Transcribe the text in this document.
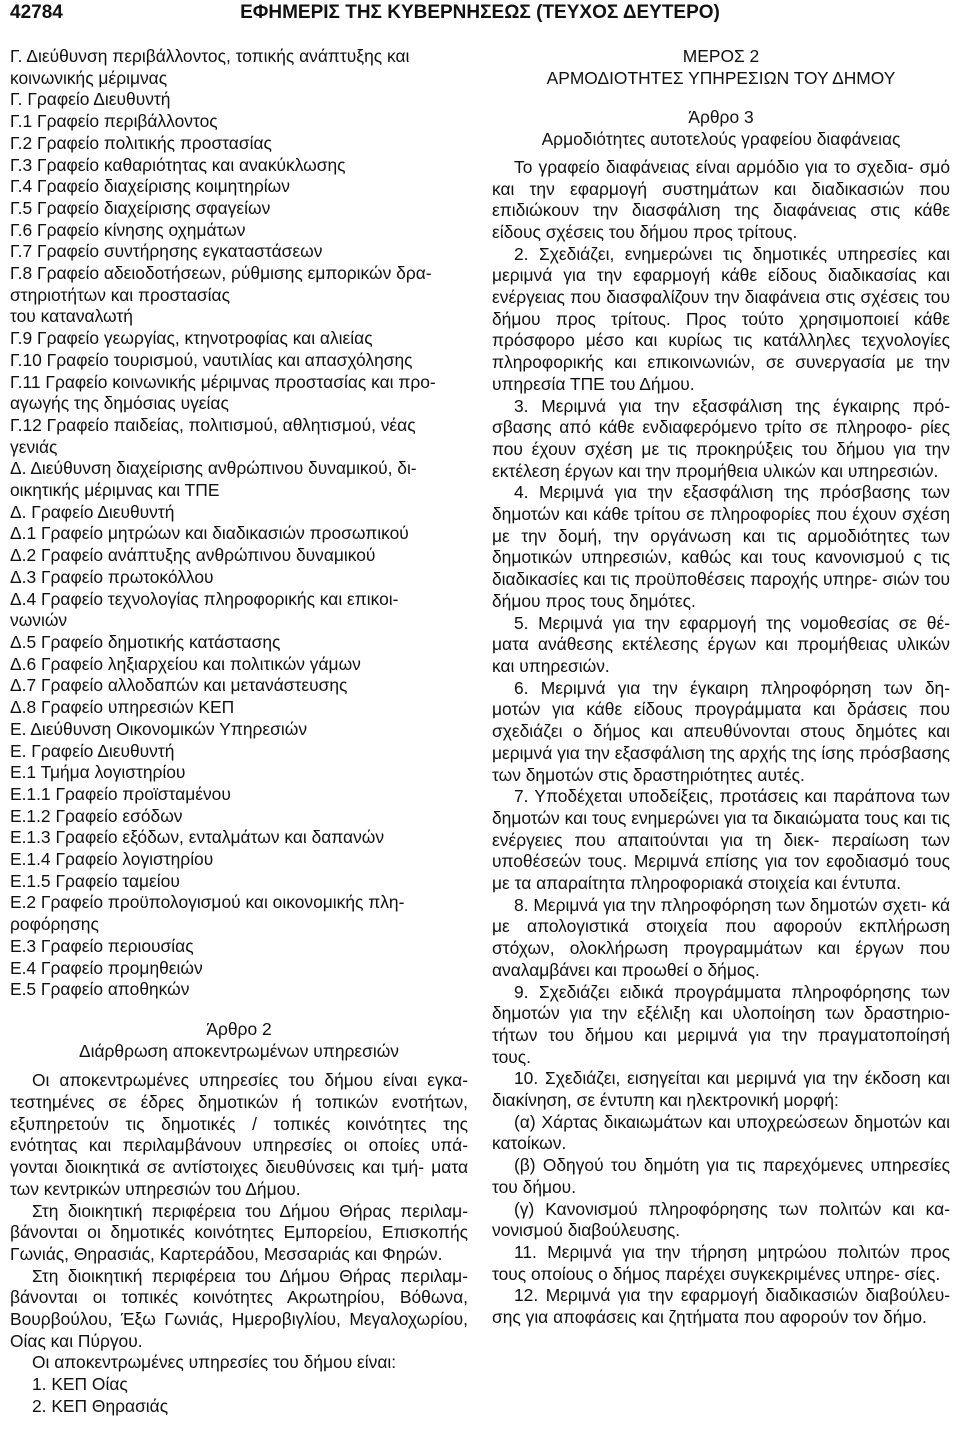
42784	ΕΦΗΜΕΡΙΣ ΤΗΣ ΚΥΒΕΡΝΗΣΕΩΣ (ΤΕΥΧΟΣ ΔΕΥΤΕΡΟ)

Γ. Διεύθυνση περιβάλλοντος, τοπικής ανάπτυξης και

κοινωνικής μέριμνας

Γ. Γραφείο Διευθυντή

Γ.1 Γραφείο περιβάλλοντος

Γ.2 Γραφείο πολιτικής προστασίας

Γ.3 Γραφείο καθαριότητας και ανακύκλωσης

Γ.4 Γραφείο διαχείρισης κοιμητηρίων

Γ.5 Γραφείο διαχείρισης σφαγείων

Γ.6 Γραφείο κίνησης οχημάτων

Γ.7 Γραφείο συντήρησης εγκαταστάσεων

Γ.8 Γραφείο αδειοδοτήσεων, ρύθμισης εμπορικών δρα-

στηριοτήτων και προστασίας

του καταναλωτή

Γ.9 Γραφείο γεωργίας, κτηνοτροφίας και αλιείας

Γ.10 Γραφείο τουρισμού, ναυτιλίας και απασχόλησης

Γ.11 Γραφείο κοινωνικής μέριμνας προστασίας και προ-

αγωγής της δημόσιας υγείας

Γ.12 Γραφείο παιδείας, πολιτισμού, αθλητισμού, νέας

γενιάς

Δ. Διεύθυνση διαχείρισης ανθρώπινου δυναμικού, δι-

οικητικής μέριμνας και ΤΠΕ

Δ. Γραφείο Διευθυντή

Δ.1 Γραφείο μητρώων και διαδικασιών προσωπικού

Δ.2 Γραφείο ανάπτυξης ανθρώπινου δυναμικού

Δ.3 Γραφείο πρωτοκόλλου

Δ.4 Γραφείο τεχνολογίας πληροφορικής και επικοι-

νωνιών

Δ.5 Γραφείο δημοτικής κατάστασης

Δ.6 Γραφείο ληξιαρχείου και πολιτικών γάμων

Δ.7 Γραφείο αλλοδαπών και μετανάστευσης

Δ.8 Γραφείο υπηρεσιών ΚΕΠ

Ε. Διεύθυνση Οικονομικών Υπηρεσιών

Ε. Γραφείο Διευθυντή

Ε.1 Τμήμα λογιστηρίου

Ε.1.1 Γραφείο προϊσταμένου

Ε.1.2 Γραφείο εσόδων

Ε.1.3 Γραφείο εξόδων, ενταλμάτων και δαπανών

Ε.1.4 Γραφείο λογιστηρίου

Ε.1.5 Γραφείο ταμείου

Ε.2 Γραφείο προϋπολογισμού και οικονομικής πλη-

ροφόρησης

Ε.3 Γραφείο περιουσίας

Ε.4 Γραφείο προμηθειών

Ε.5 Γραφείο αποθηκών

Άρθρο 2

Διάρθρωση αποκεντρωμένων υπηρεσιών

Οι αποκεντρωμένες υπηρεσίες του δήμου είναι εγκα- τεστημένες σε έδρες δημοτικών ή τοπικών ενοτήτων, εξυπηρετούν τις δημοτικές / τοπικές κοινότητες της ενότητας και περιλαμβάνουν υπηρεσίες οι οποίες υπά- γονται διοικητικά σε αντίστοιχες διευθύνσεις και τμή- ματα των κεντρικών υπηρεσιών του Δήμου.

Στη διοικητική περιφέρεια του Δήμου Θήρας περιλαμ- βάνονται οι δημοτικές κοινότητες Εμπορείου, Επισκοπής Γωνιάς, Θηρασιάς, Καρτεράδου, Μεσσαριάς και Φηρών.

Στη διοικητική περιφέρεια του Δήμου Θήρας περιλαμ- βάνονται οι τοπικές κοινότητες Ακρωτηρίου, Βόθωνα, Βουρβούλου, Έξω Γωνιάς, Ημεροβιγλίου, Μεγαλοχωρίου, Οίας και Πύργου.

Οι αποκεντρωμένες υπηρεσίες του δήμου είναι:

1. ΚΕΠ Οίας

2. ΚΕΠ Θηρασιάς

ΜΕΡΟΣ 2

ΑΡΜΟΔΙΟΤΗΤΕΣ ΥΠΗΡΕΣΙΩΝ ΤΟΥ ΔΗΜΟΥ

Άρθρο 3

Αρμοδιότητες αυτοτελούς γραφείου διαφάνειας

Το γραφείο διαφάνειας είναι αρμόδιο για το σχεδια- σμό και την εφαρμογή συστημάτων και διαδικασιών που επιδιώκουν την διασφάλιση της διαφάνειας στις κάθε είδους σχέσεις του δήμου προς τρίτους.

2. Σχεδιάζει, ενημερώνει τις δημοτικές υπηρεσίες και μεριμνά για την εφαρμογή κάθε είδους διαδικασίας και ενέργειας που διασφαλίζουν την διαφάνεια στις σχέσεις του δήμου προς τρίτους. Προς τούτο χρησιμοποιεί κάθε πρόσφορο μέσο και κυρίως τις κατάλληλες τεχνολογίες πληροφορικής και επικοινωνιών, σε συνεργασία με την υπηρεσία ΤΠΕ του Δήμου.

3. Μεριμνά για την εξασφάλιση της έγκαιρης πρό- σβασης από κάθε ενδιαφερόμενο τρίτο σε πληροφο- ρίες που έχουν σχέση με τις προκηρύξεις του δήμου για την εκτέλεση έργων και την προμήθεια υλικών και υπηρεσιών.

4. Μεριμνά για την εξασφάλιση της πρόσβασης των δημοτών και κάθε τρίτου σε πληροφορίες που έχουν σχέση με την δομή, την οργάνωση και τις αρμοδιότητες των δημοτικών υπηρεσιών, καθώς και τους κανονισμού ς τις διαδικασίες και τις προϋποθέσεις παροχής υπηρε- σιών του δήμου προς τους δημότες.

5. Μεριμνά για την εφαρμογή της νομοθεσίας σε θέ- ματα ανάθεσης εκτέλεσης έργων και προμήθειας υλικών και υπηρεσιών.

6. Μεριμνά για την έγκαιρη πληροφόρηση των δη- μοτών για κάθε είδους προγράμματα και δράσεις που σχεδιάζει ο δήμος και απευθύνονται στους δημότες και μεριμνά για την εξασφάλιση της αρχής της ίσης πρόσβασης των δημοτών στις δραστηριότητες αυτές.

7. Υποδέχεται υποδείξεις, προτάσεις και παράπονα των δημοτών και τους ενημερώνει για τα δικαιώματα τους και τις ενέργειες που απαιτούνται για τη διεκ- περαίωση των υποθέσεών τους. Μεριμνά επίσης για τον εφοδιασμό τους με τα απαραίτητα πληροφοριακά στοιχεία και έντυπα.

8. Μεριμνά για την πληροφόρηση των δημοτών σχετι- κά με απολογιστικά στοιχεία που αφορούν εκπλήρωση στόχων, ολοκλήρωση προγραμμάτων και έργων που αναλαμβάνει και προωθεί ο δήμος.

9. Σχεδιάζει ειδικά προγράμματα πληροφόρησης των δημοτών για την εξέλιξη και υλοποίηση των δραστηριο- τήτων του δήμου και μεριμνά για την πραγματοποίησή τους.

10. Σχεδιάζει, εισηγείται και μεριμνά για την έκδοση και διακίνηση, σε έντυπη και ηλεκτρονική μορφή:

(α) Χάρτας δικαιωμάτων και υποχρεώσεων δημοτών και κατοίκων.

(β) Οδηγού του δημότη για τις παρεχόμενες υπηρεσίες του δήμου.

(γ) Κανονισμού πληροφόρησης των πολιτών και κα- νονισμού διαβούλευσης.

11. Μεριμνά για την τήρηση μητρώου πολιτών προς τους οποίους ο δήμος παρέχει συγκεκριμένες υπηρε- σίες.

12. Μεριμνά για την εφαρμογή διαδικασιών διαβούλευ- σης για αποφάσεις και ζητήματα που αφορούν τον δήμο.
